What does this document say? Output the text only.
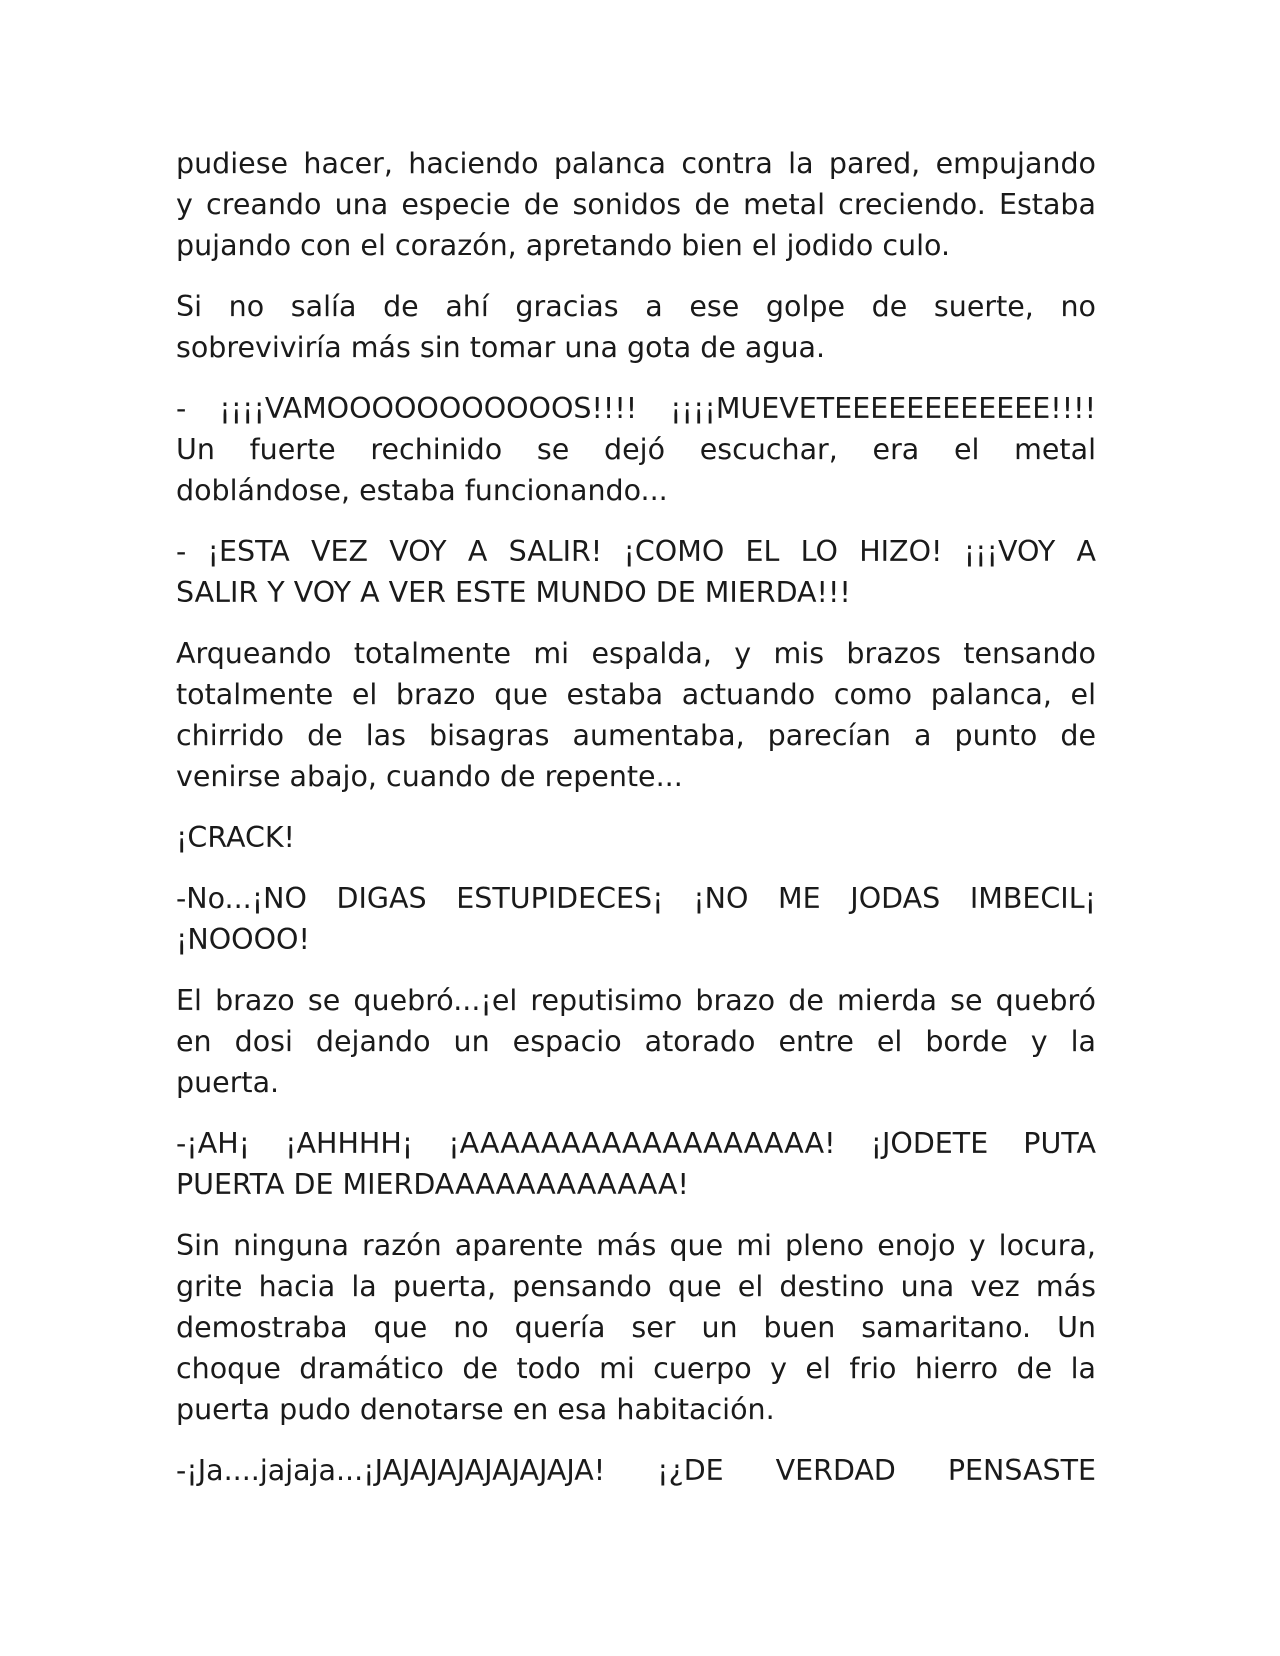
pudiese hacer, haciendo palanca contra la pared, empujando
y creando una especie de sonidos de metal creciendo. Estaba
pujando con el corazón, apretando bien el jodido culo.

Si no salía de ahí gracias a ese golpe de suerte, no
sobreviviría más sin tomar una gota de agua.

- ¡¡¡¡VAMOOOOOOOOOOOS!!!! ¡¡¡¡MUEVETEEEEEEEEEEEE!!!!
Un fuerte rechinido se dejó escuchar, era el metal
doblándose, estaba funcionando...

- ¡ESTA VEZ VOY A SALIR! ¡COMO EL LO HIZO! ¡¡¡VOY A
SALIR Y VOY A VER ESTE MUNDO DE MIERDA!!!

Arqueando totalmente mi espalda, y mis brazos tensando
totalmente el brazo que estaba actuando como palanca, el
chirrido de las bisagras aumentaba, parecían a punto de
venirse abajo, cuando de repente...

¡CRACK!

-No...¡NO DIGAS ESTUPIDECES¡ ¡NO ME JODAS IMBECIL¡
¡NOOOO!

El brazo se quebró...¡el reputisimo brazo de mierda se quebró
en dosi dejando un espacio atorado entre el borde y la
puerta.

-¡AH¡ ¡AHHHH¡ ¡AAAAAAAAAAAAAAAAAA! ¡JODETE PUTA
PUERTA DE MIERDAAAAAAAAAAAA!

Sin ninguna razón aparente más que mi pleno enojo y locura,
grite hacia la puerta, pensando que el destino una vez más
demostraba que no quería ser un buen samaritano. Un
choque dramático de todo mi cuerpo y el frio hierro de la
puerta pudo denotarse en esa habitación.

-¡Ja....jajaja...¡JAJAJAJAJAJAJAJA! ¡¿DE VERDAD PENSASTE
